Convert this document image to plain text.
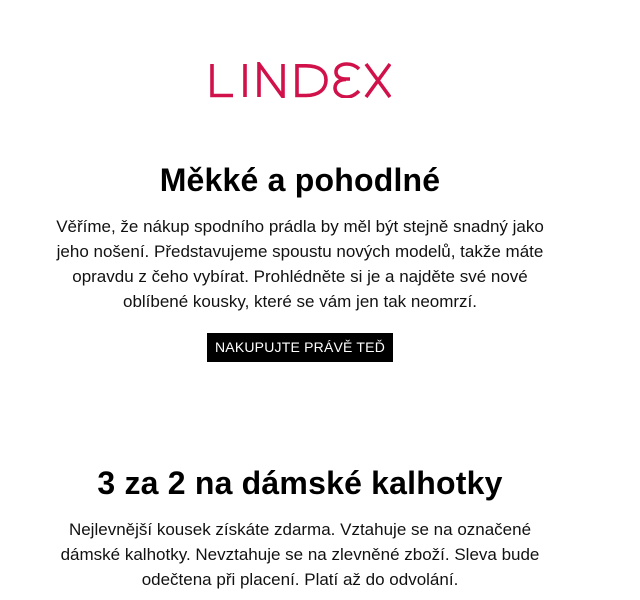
Měkké a pohodlné

Věříme, že nákup spodního prádla by měl být stejně snadný jako jeho nošení. Představujeme spoustu nových modelů, takže máte opravdu z čeho vybírat. Prohlédněte si je a najděte své nové oblíbené kousky, které se vám jen tak neomrzí.

NAKUPUJTE PRÁVĚ TEĎ
3 za 2 na dámské kalhotky

Nejlevnější kousek získáte zdarma. Vztahuje se na označené dámské kalhotky. Nevztahuje se na zlevněné zboží. Sleva bude odečtena při placení. Platí až do odvolání.
